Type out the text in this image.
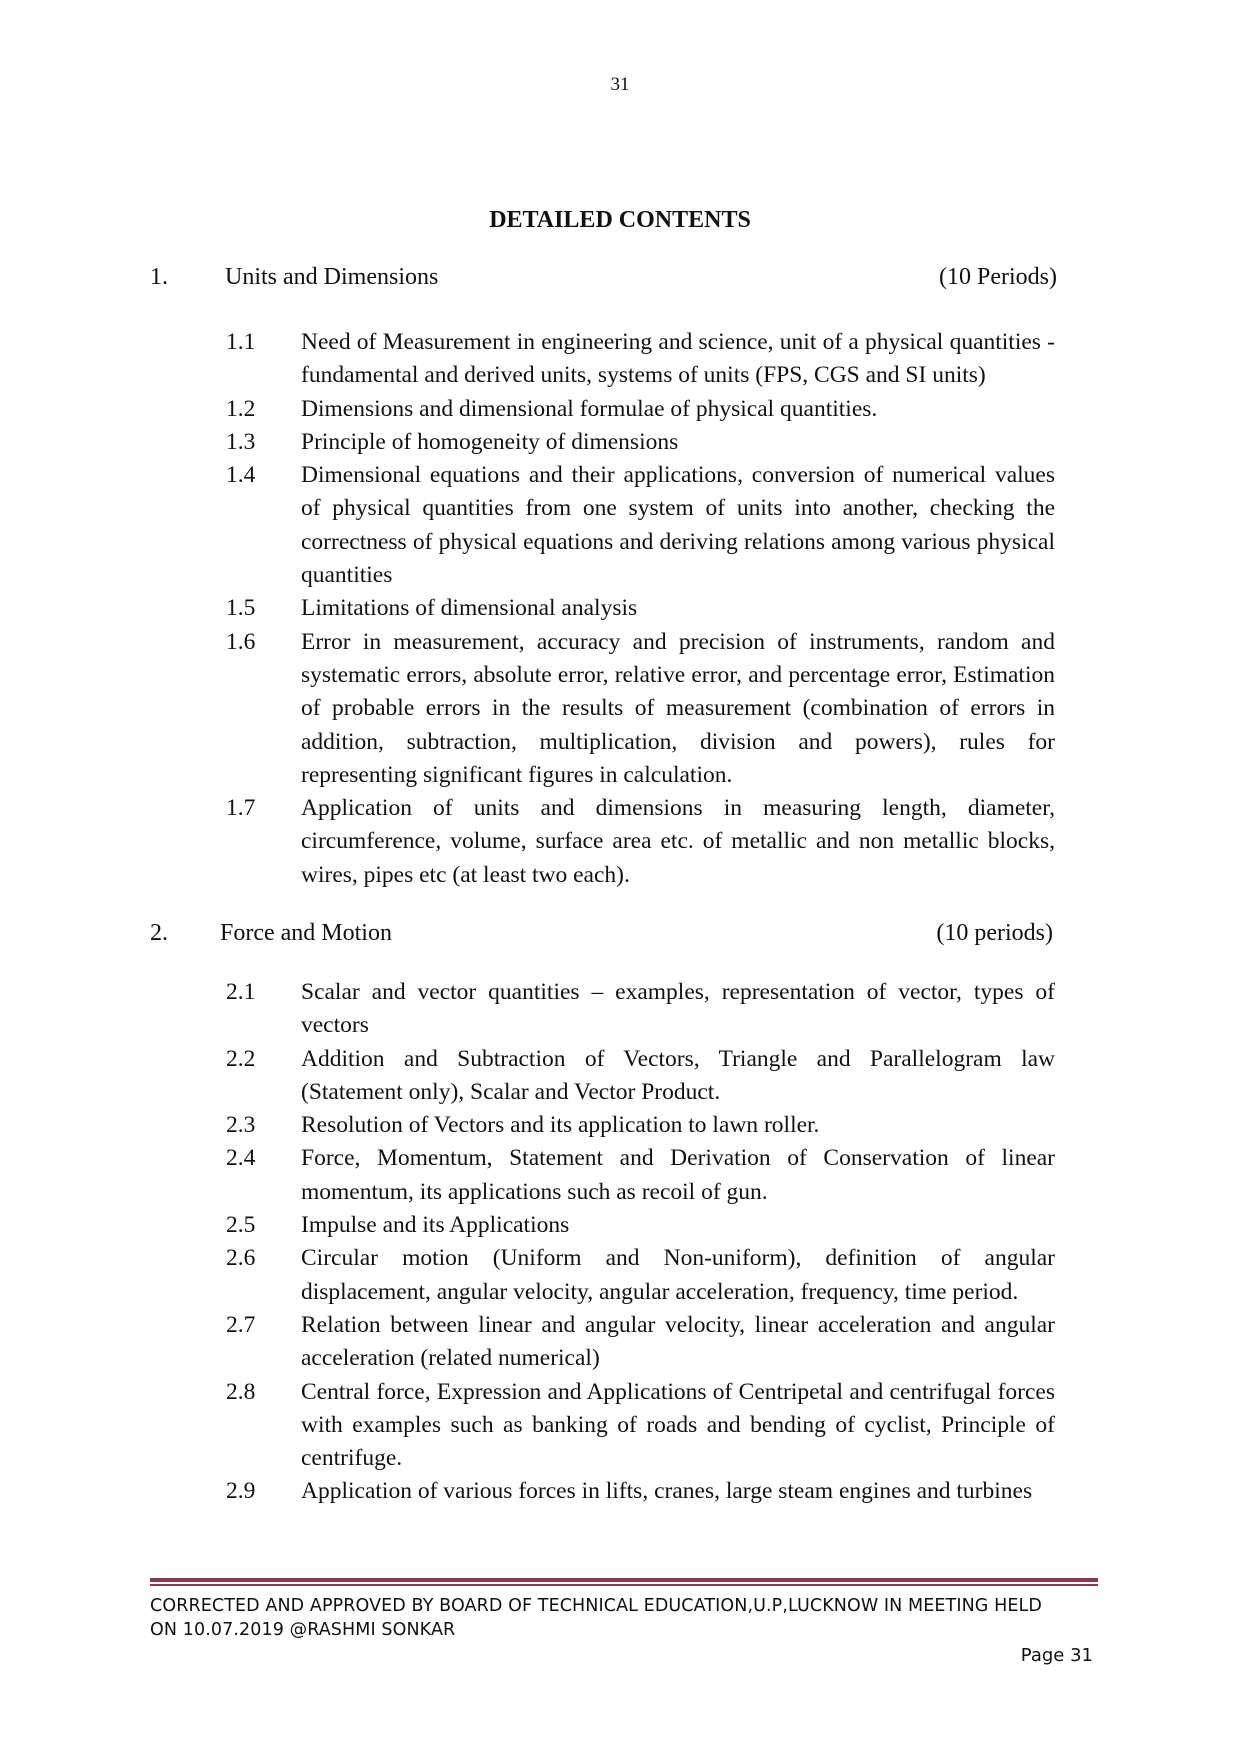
31
DETAILED CONTENTS
1. Units and Dimensions	(10 Periods)
1.1 Need of Measurement in engineering and science, unit of a physical quantities - fundamental and derived units, systems of units (FPS, CGS and SI units)
1.2 Dimensions and dimensional formulae of physical quantities.
1.3 Principle of homogeneity of dimensions
1.4 Dimensional equations and their applications, conversion of numerical values of physical quantities from one system of units into another, checking the correctness of physical equations and deriving relations among various physical quantities
1.5 Limitations of dimensional analysis
1.6 Error in measurement, accuracy and precision of instruments, random and systematic errors, absolute error, relative error, and percentage error, Estimation of probable errors in the results of measurement (combination of errors in addition, subtraction, multiplication, division and powers), rules for representing significant figures in calculation.
1.7 Application of units and dimensions in measuring length, diameter, circumference, volume, surface area etc. of metallic and non metallic blocks, wires, pipes etc (at least two each).
2. Force and Motion	(10 periods)
2.1 Scalar and vector quantities – examples, representation of vector, types of vectors
2.2 Addition and Subtraction of Vectors, Triangle and Parallelogram law (Statement only), Scalar and Vector Product.
2.3 Resolution of Vectors and its application to lawn roller.
2.4 Force, Momentum, Statement and Derivation of Conservation of linear momentum, its applications such as recoil of gun.
2.5 Impulse and its Applications
2.6 Circular motion (Uniform and Non-uniform), definition of angular displacement, angular velocity, angular acceleration, frequency, time period.
2.7 Relation between linear and angular velocity, linear acceleration and angular acceleration (related numerical)
2.8 Central force, Expression and Applications of Centripetal and centrifugal forces with examples such as banking of roads and bending of cyclist, Principle of centrifuge.
2.9 Application of various forces in lifts, cranes, large steam engines and turbines
CORRECTED AND APPROVED BY BOARD OF TECHNICAL EDUCATION,U.P,LUCKNOW IN MEETING HELD
ON 10.07.2019 @RASHMI SONKAR
Page 31
